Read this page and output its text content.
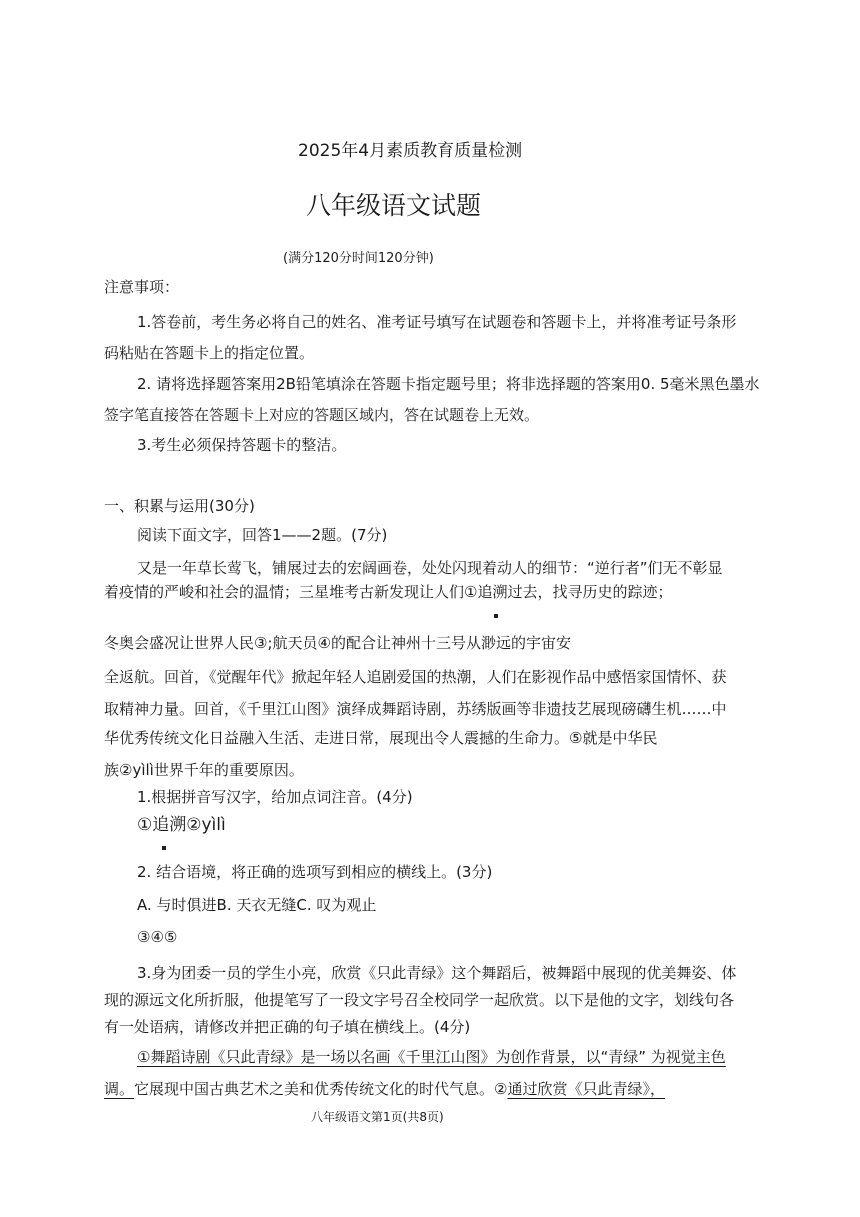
2025年4月素质教育质量检测
八年级语文试题
(满分120分时间120分钟)
注意事项：
1.答卷前，考生务必将自己的姓名、准考证号填写在试题卷和答题卡上，并将准考证号条形
码粘贴在答题卡上的指定位置。
2. 请将选择题答案用2B铅笔填涂在答题卡指定题号里；将非选择题的答案用0. 5毫米黑色墨水
签字笔直接答在答题卡上对应的答题区域内，答在试题卷上无效。
3.考生必须保持答题卡的整洁。
一、积累与运用(30分)
阅读下面文字，回答1——2题。(7分)
又是一年草长莺飞，铺展过去的宏阔画卷，处处闪现着动人的细节：“逆行者”们无不彰显
着疫情的严峻和社会的温情；三星堆考古新发现让人们①追溯过去，找寻历史的踪迹；
冬奥会盛况让世界人民③;航天员④的配合让神州十三号从渺远的宇宙安
全返航。回首，《觉醒年代》掀起年轻人追剧爱国的热潮，人们在影视作品中感悟家国情怀、获
取精神力量。回首，《千里江山图》演绎成舞蹈诗剧，苏绣版画等非遗技艺展现磅礴生机……中
华优秀传统文化日益融入生活、走进日常，展现出令人震撼的生命力。⑤就是中华民
族②yìlì世界千年的重要原因。
1.根据拼音写汉字，给加点词注音。(4分)
①追溯②yìlì
2. 结合语境，将正确的选项写到相应的横线上。(3分)
A. 与时俱进B. 天衣无缝C. 叹为观止
③④⑤
3.身为团委一员的学生小亮，欣赏《只此青绿》这个舞蹈后，被舞蹈中展现的优美舞姿、体
现的源远文化所折服，他提笔写了一段文字号召全校同学一起欣赏。以下是他的文字，划线句各
有一处语病，请修改并把正确的句子填在横线上。(4分)
①舞蹈诗剧《只此青绿》是一场以名画《千里江山图》为创作背景，以“青绿” 为视觉主色
调。它展现中国古典艺术之美和优秀传统文化的时代气息。②通过欣赏《只此青绿》，
八年级语文第1页(共8页)
